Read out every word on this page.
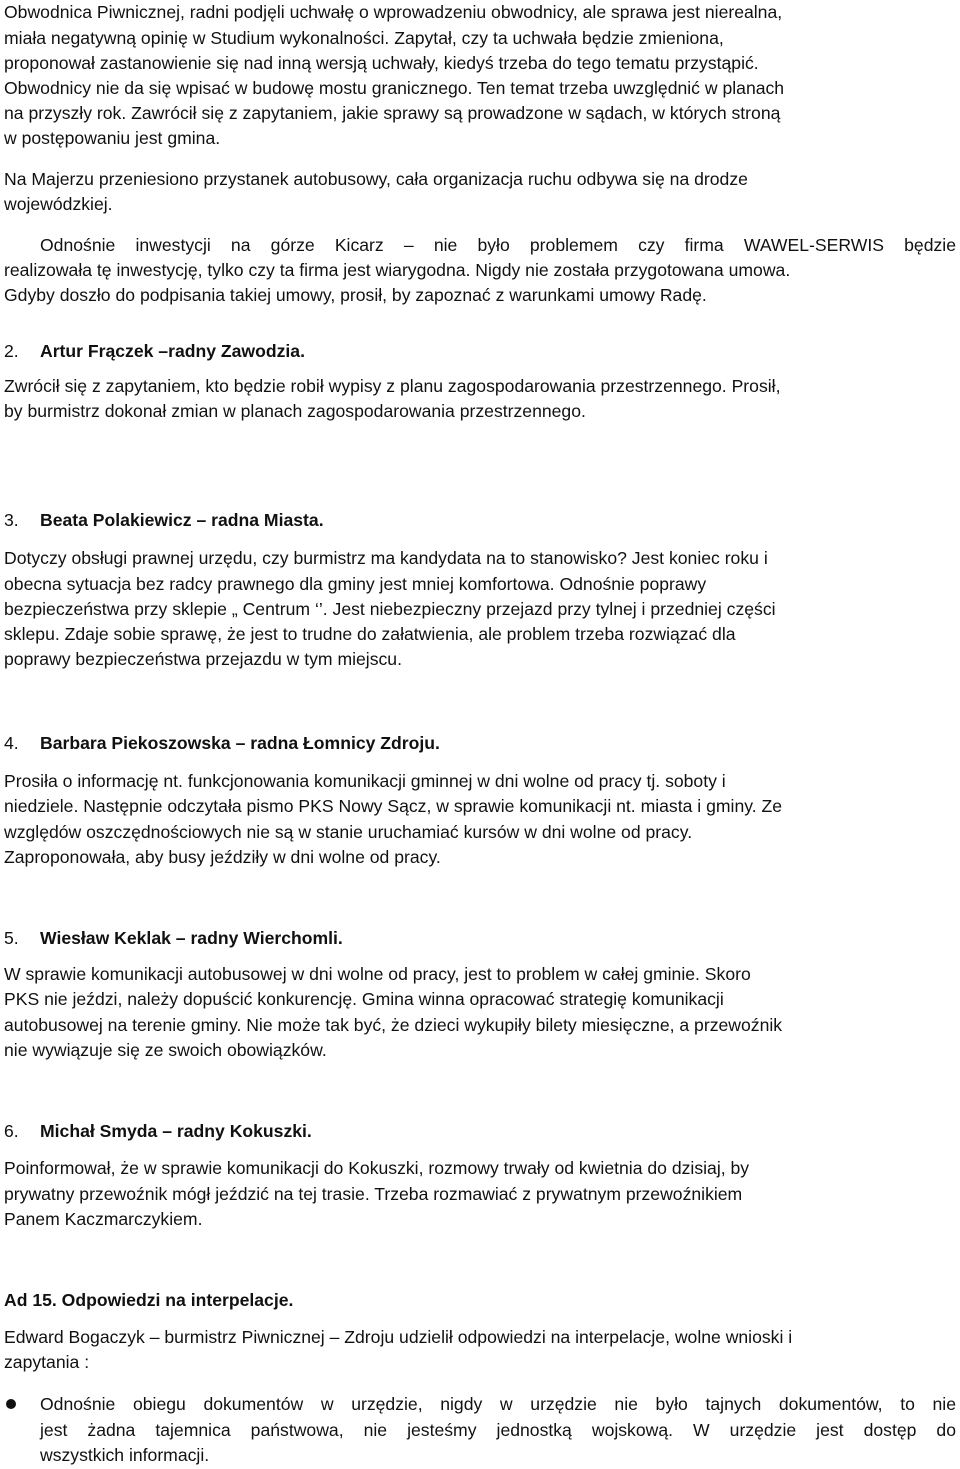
Obwodnica Piwnicznej, radni podjęli uchwałę o wprowadzeniu obwodnicy, ale sprawa jest nierealna,
miała negatywną opinię w Studium wykonalności. Zapytał, czy ta uchwała będzie zmieniona,
proponował zastanowienie się nad inną wersją uchwały, kiedyś trzeba do tego tematu przystąpić.
Obwodnicy nie da się wpisać w budowę mostu granicznego. Ten temat trzeba uwzględnić w planach
na przyszły rok. Zawrócił się z zapytaniem, jakie sprawy są prowadzone w sądach, w których stroną
w postępowaniu jest gmina.
Na Majerzu przeniesiono przystanek autobusowy, cała organizacja ruchu odbywa się na drodze
wojewódzkiej.
Odnośnie inwestycji na górze Kicarz – nie było problemem czy firma WAWEL-SERWIS będzie
realizowała tę inwestycję, tylko czy ta firma jest wiarygodna. Nigdy nie została przygotowana umowa.
Gdyby doszło do podpisania takiej umowy, prosił, by zapoznać z warunkami umowy Radę.
2. Artur Frączek –radny Zawodzia.
Zwrócił się z zapytaniem, kto będzie robił wypisy z planu zagospodarowania przestrzennego. Prosił,
by burmistrz dokonał zmian w planach zagospodarowania przestrzennego.
3. Beata Polakiewicz – radna Miasta.
Dotyczy obsługi prawnej urzędu, czy burmistrz ma kandydata na to stanowisko? Jest koniec roku i
obecna sytuacja bez radcy prawnego dla gminy jest mniej komfortowa. Odnośnie poprawy
bezpieczeństwa przy sklepie „ Centrum ‘’. Jest niebezpieczny przejazd przy tylnej i przedniej części
sklepu. Zdaje sobie sprawę, że jest to trudne do załatwienia, ale problem trzeba rozwiązać dla
poprawy bezpieczeństwa przejazdu w tym miejscu.
4. Barbara Piekoszowska – radna Łomnicy Zdroju.
Prosiła o informację nt. funkcjonowania komunikacji gminnej w dni wolne od pracy tj. soboty i
niedziele. Następnie odczytała pismo PKS Nowy Sącz, w sprawie komunikacji nt. miasta i gminy. Ze
względów oszczędnościowych nie są w stanie uruchamiać kursów w dni wolne od pracy.
Zaproponowała, aby busy jeździły w dni wolne od pracy.
5. Wiesław Keklak – radny Wierchomli.
W sprawie komunikacji autobusowej w dni wolne od pracy, jest to problem w całej gminie. Skoro
PKS nie jeździ, należy dopuścić konkurencję. Gmina winna opracować strategię komunikacji
autobusowej na terenie gminy. Nie może tak być, że dzieci wykupiły bilety miesięczne, a przewoźnik
nie wywiązuje się ze swoich obowiązków.
6. Michał Smyda – radny Kokuszki.
Poinformował, że w sprawie komunikacji do Kokuszki, rozmowy trwały od kwietnia do dzisiaj, by
prywatny przewoźnik mógł jeździć na tej trasie. Trzeba rozmawiać z prywatnym przewoźnikiem
Panem Kaczmarczykiem.
Ad 15. Odpowiedzi na interpelacje.
Edward Bogaczyk – burmistrz Piwnicznej – Zdroju udzielił odpowiedzi na interpelacje, wolne wnioski i
zapytania :
Odnośnie obiegu dokumentów w urzędzie, nigdy w urzędzie nie było tajnych dokumentów, to nie
jest żadna tajemnica państwowa, nie jesteśmy jednostką wojskową. W urzędzie jest dostęp do
wszystkich informacji.
